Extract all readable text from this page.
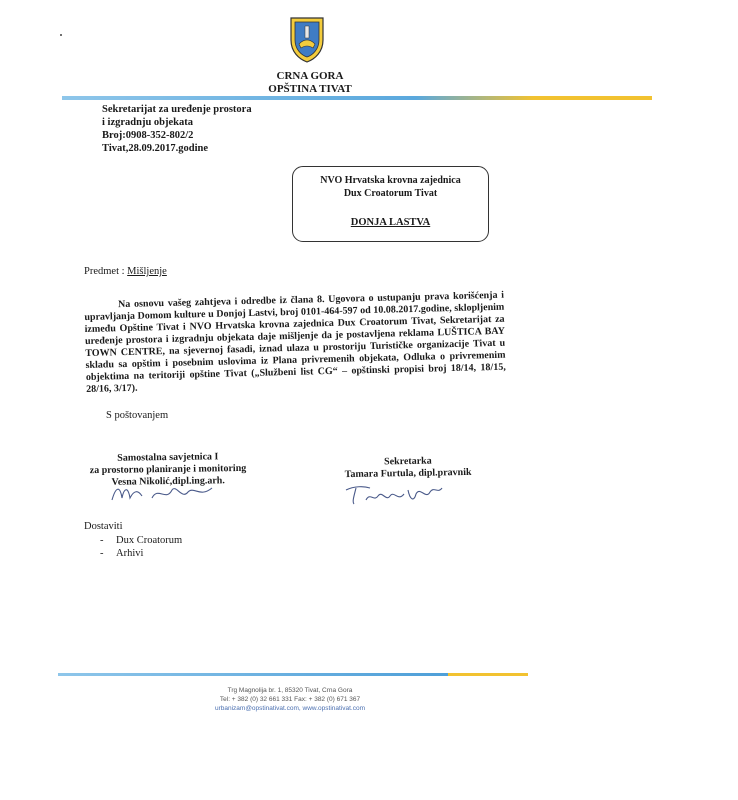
CRNA GORA
OPŠTINA TIVAT
Sekretarijat za uređenje prostora
i izgradnju objekata
Broj:0908-352-802/2
Tivat,28.09.2017.godine
NVO Hrvatska krovna zajednica
Dux Croatorum Tivat
DONJA LASTVA
Predmet : Mišljenje

Na osnovu vašeg zahtjeva i odredbe iz člana 8. Ugovora o ustupanju prava korišćenja i upravljanja Domom kulture u Donjoj Lastvi, broj 0101-464-597 od 10.08.2017.godine, sklopljenim između Opštine Tivat i NVO Hrvatska krovna zajednica Dux Croatorum Tivat, Sekretarijat za uređenje prostora i izgradnju objekata daje mišljenje da je postavljena reklama LUŠTICA BAY TOWN CENTRE, na sjevernoj fasadi, iznad ulaza u prostoriju Turističke organizacije Tivat u skladu sa opštim i posebnim uslovima iz Plana privremenih objekata, Odluka o privremenim objektima na teritoriji opštine Tivat („Službeni list CG“ – opštinski propisi broj 18/14, 18/15, 28/16, 3/17).

S poštovanjem
Samostalna savjetnica I
za prostorno planiranje i monitoring
Vesna Nikolić,dipl.ing.arh.
Sekretarka
Tamara Furtula, dipl.pravnik
Dostaviti
- Dux Croatorum
- Arhivi
Trg Magnolija br. 1, 85320 Tivat, Crna Gora
Tel: + 382 (0) 32 661 331 Fax: + 382 (0) 671 367
urbanizam@opstinativat.com, www.opstinativat.com
